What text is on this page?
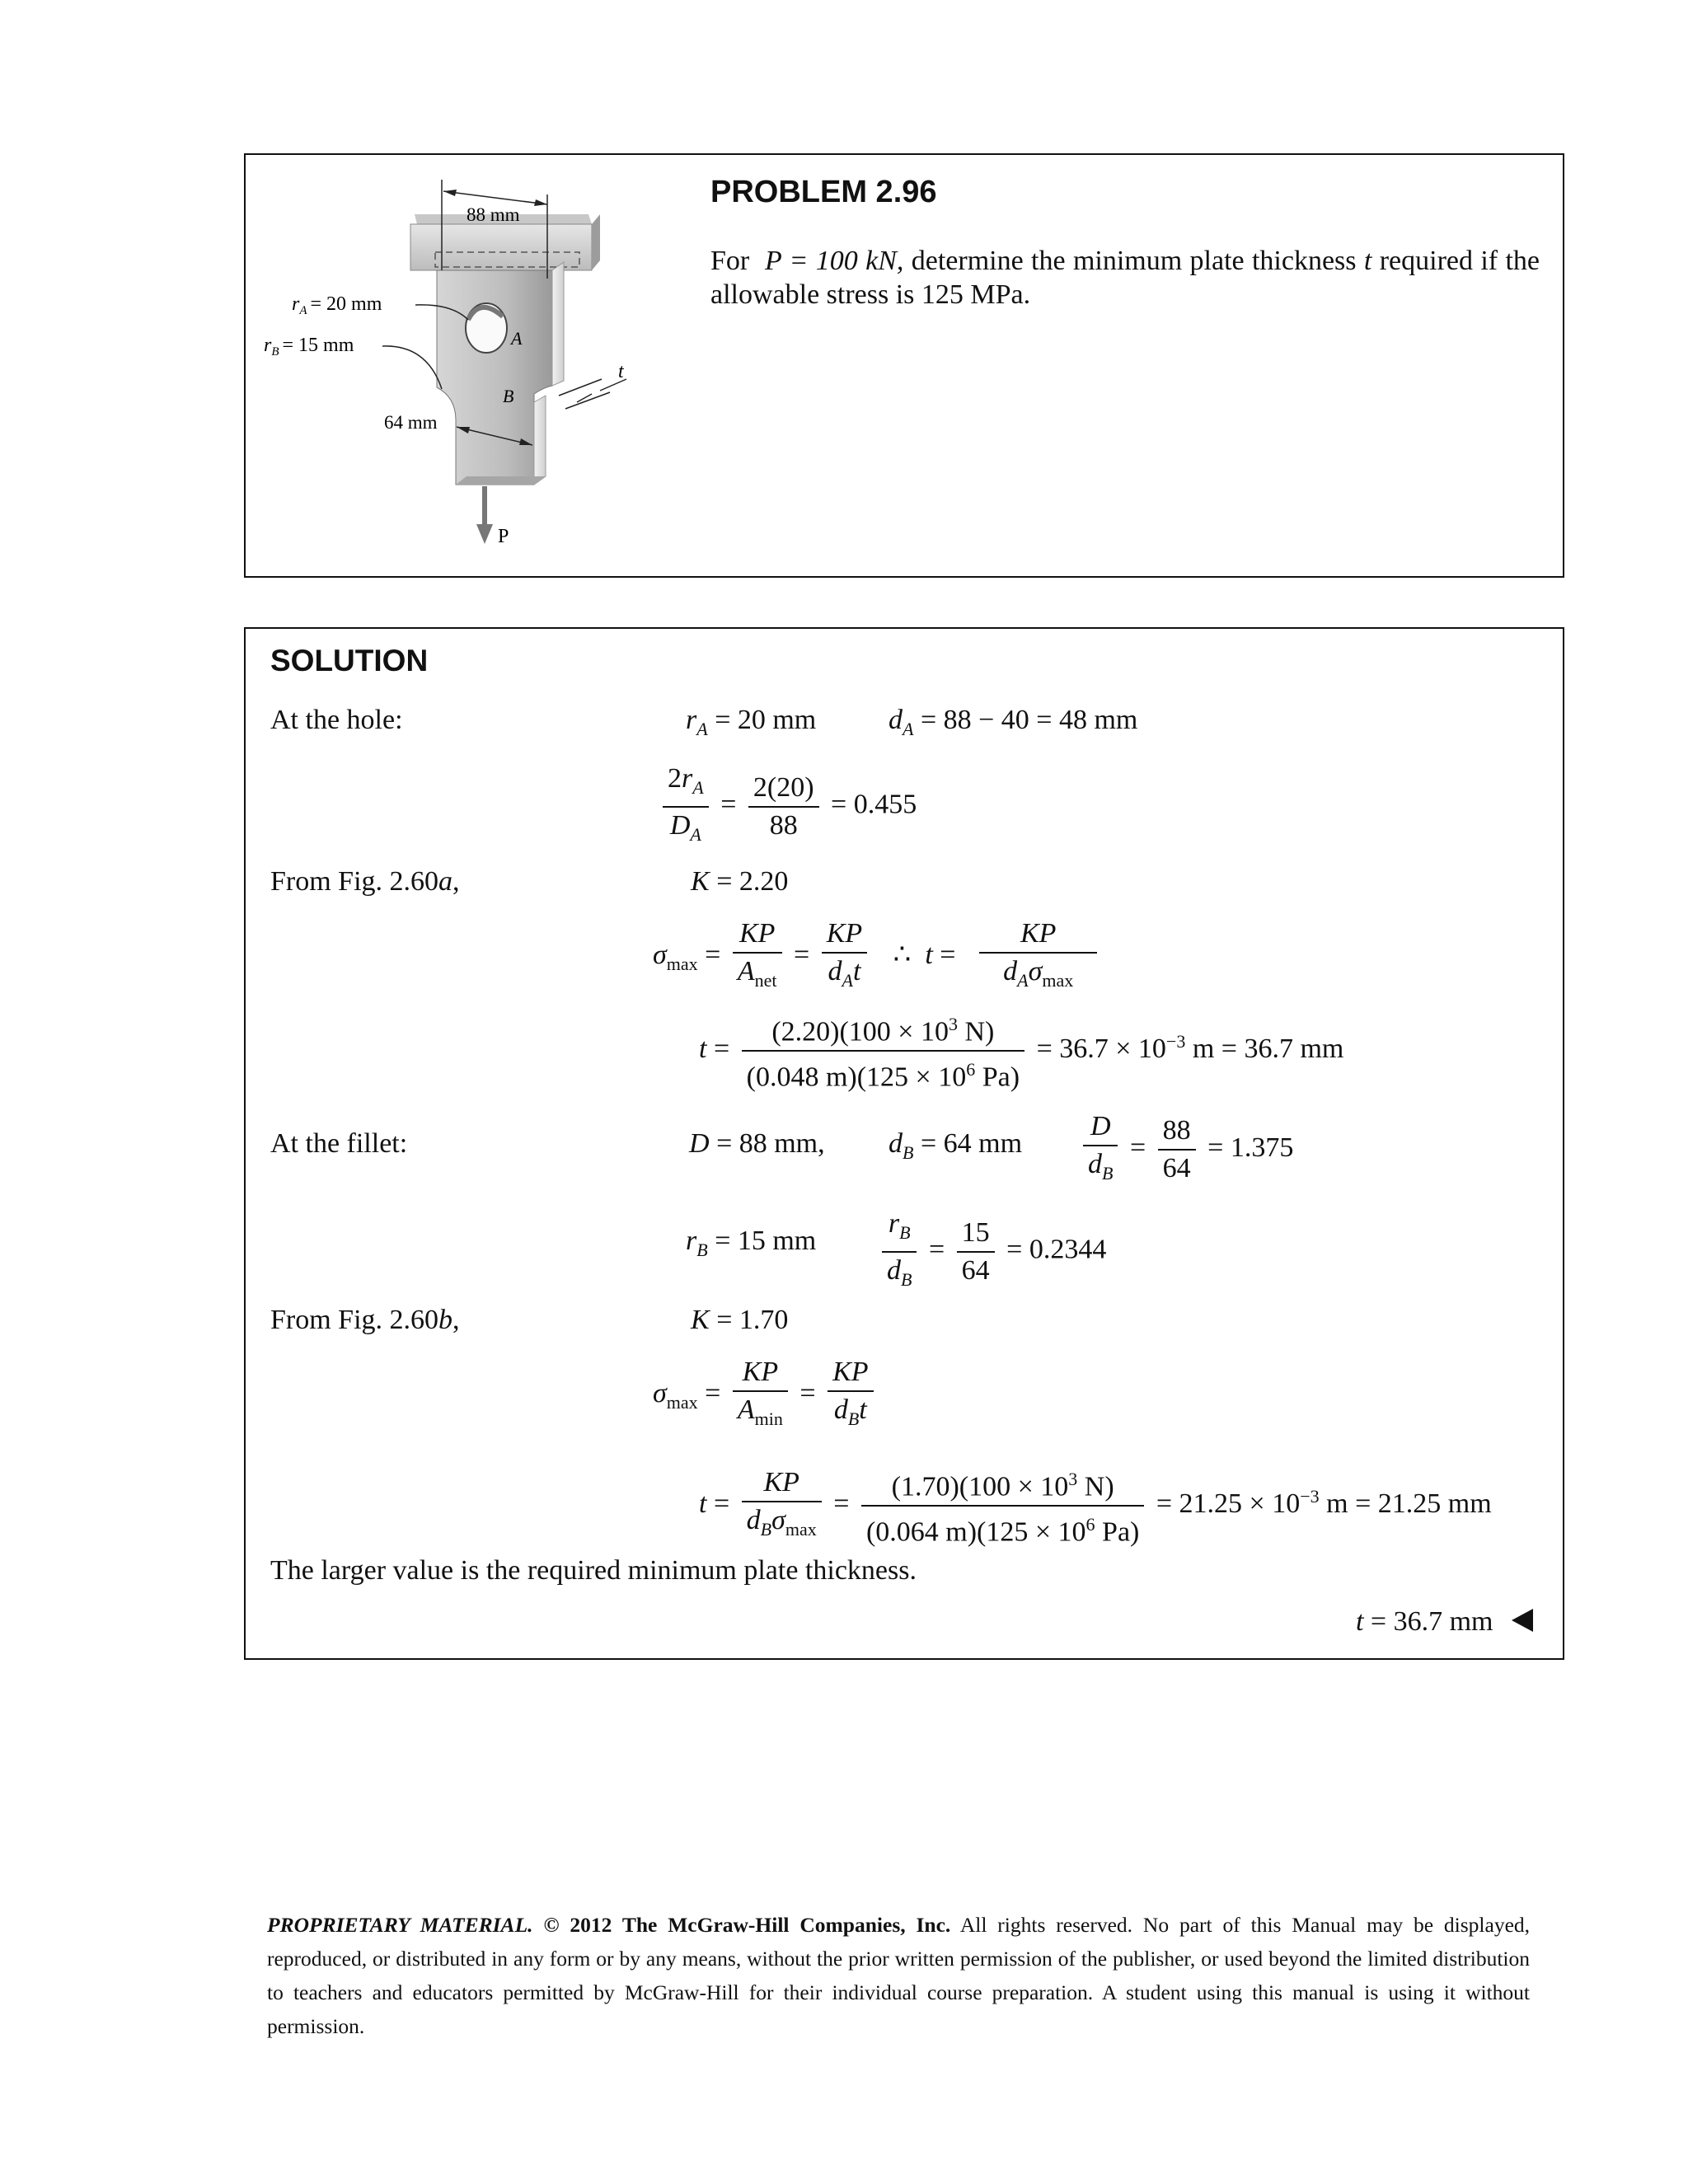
88 mm
$r_A = 20$ mm
$r_B = 15$ mm	A
B
t
64 mm
P
PROBLEM 2.96
For P = 100 kN, determine the minimum plate thickness t required if the allowable stress is 125 MPa.
SOLUTION
At the hole:	$r_A = 20$ mm	$d_A = 88 - 40 = 48$ mm
$\frac{2r_A}{D_A} = \frac{2(20)}{88} = 0.455$
From Fig. 2.60a,	K = 2.20
$\sigma_{max} = \frac{KP}{A_{net}} = \frac{KP}{d_At}$ ∴  $t = \frac{KP}{d_A\sigma_{max}}$
$t = \frac{(2.20)(100 \times 10^3 N)}{(0.048 m)(125 \times 10^6 Pa)} = 36.7 \times 10^{-3}$ m = 36.7 mm
At the fillet:	D = 88 mm, $d_B = 64$ mm $\frac{D}{d_B} = \frac{88}{64} = 1.375$
$r_B = 15$ mm $\frac{r_B}{d_B} = \frac{15}{64} = 0.2344$
From Fig. 2.60b,	K = 1.70
$\sigma_{max} = \frac{KP}{A_{min}} = \frac{KP}{d_Bt}$
$t = \frac{KP}{d_B\sigma_{max}} = \frac{(1.70)(100 \times 10^3 N)}{(0.064 m)(125 \times 10^6 Pa)} = 21.25 \times 10^{-3}$ m = 21.25 mm
The larger value is the required minimum plate thickness.
t = 36.7 mm
PROPRIETARY MATERIAL. © 2012 The McGraw-Hill Companies, Inc. All rights reserved. No part of this Manual may be displayed, reproduced, or distributed in any form or by any means, without the prior written permission of the publisher, or used beyond the limited distribution to teachers and educators permitted by McGraw-Hill for their individual course preparation. A student using this manual is using it without permission.
